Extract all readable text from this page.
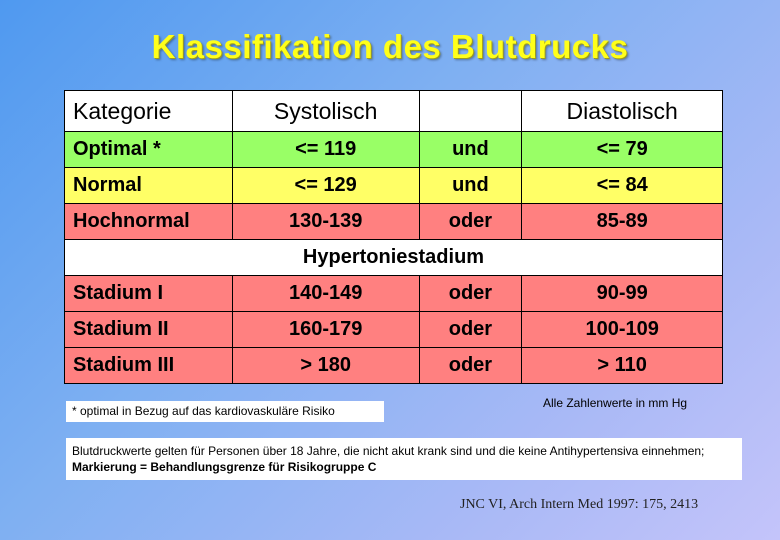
Klassifikation des Blutdrucks
Kategorie	Systolisch		Diastolisch
Optimal *	<= 119	und	<= 79
Normal	<= 129	und	<= 84
Hochnormal	130-139	oder	85-89
Hypertoniestadium			
Stadium I	140-149	oder	90-99
Stadium II	160-179	oder	100-109
Stadium III	> 180	oder	> 110
* optimal in Bezug auf das kardiovaskuläre Risiko
Alle Zahlenwerte in mm Hg
Blutdruckwerte gelten für Personen über 18 Jahre, die nicht akut krank sind und die keine Antihypertensiva einnehmen; Markierung = Behandlungsgrenze für Risikogruppe C
JNC VI, Arch Intern Med 1997: 175, 2413
